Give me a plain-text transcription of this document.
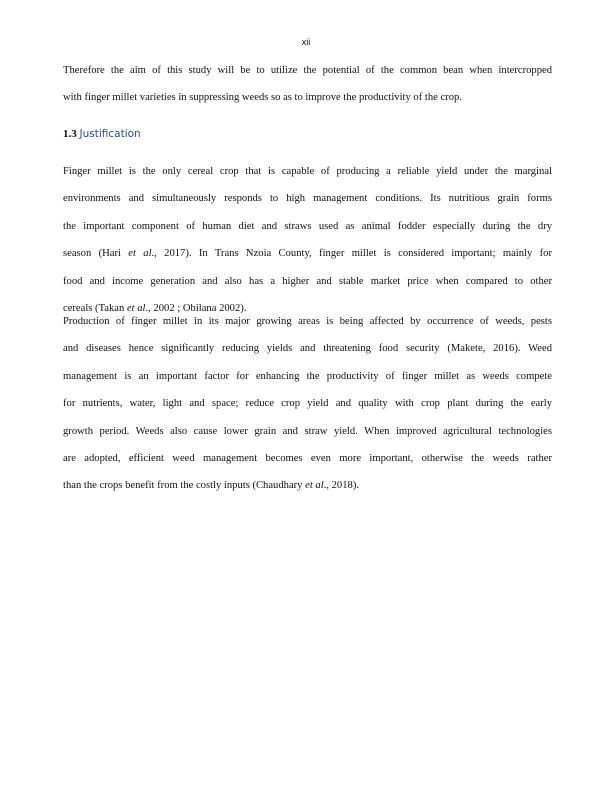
xii
1.3 Justification
Therefore the aim of this study will be to utilize the potential of the common bean when intercropped
with finger millet varieties in suppressing weeds so as to improve the productivity of the crop.
Finger millet is the only cereal crop that is capable of producing a reliable yield under the marginal
environments and simultaneously responds to high management conditions. Its nutritious grain forms
the important component of human diet and straws used as animal fodder especially during the dry
season (Hari et al., 2017). In Trans Nzoia County, finger millet is considered important; mainly for
food and income generation and also has a higher and stable market price when compared to other
cereals (Takan et al., 2002 ; Obilana 2002).
Production of finger millet in its major growing areas is being affected by occurrence of weeds, pests
and diseases hence significantly reducing yields and threatening food security (Makete, 2016). Weed
management is an important factor for enhancing the productivity of finger millet as weeds compete
for nutrients, water, light and space; reduce crop yield and quality with crop plant during the early
growth period. Weeds also cause lower grain and straw yield. When improved agricultural technologies
are adopted, efficient weed management becomes even more important, otherwise the weeds rather
than the crops benefit from the costly inputs (Chaudhary et al., 2018).
